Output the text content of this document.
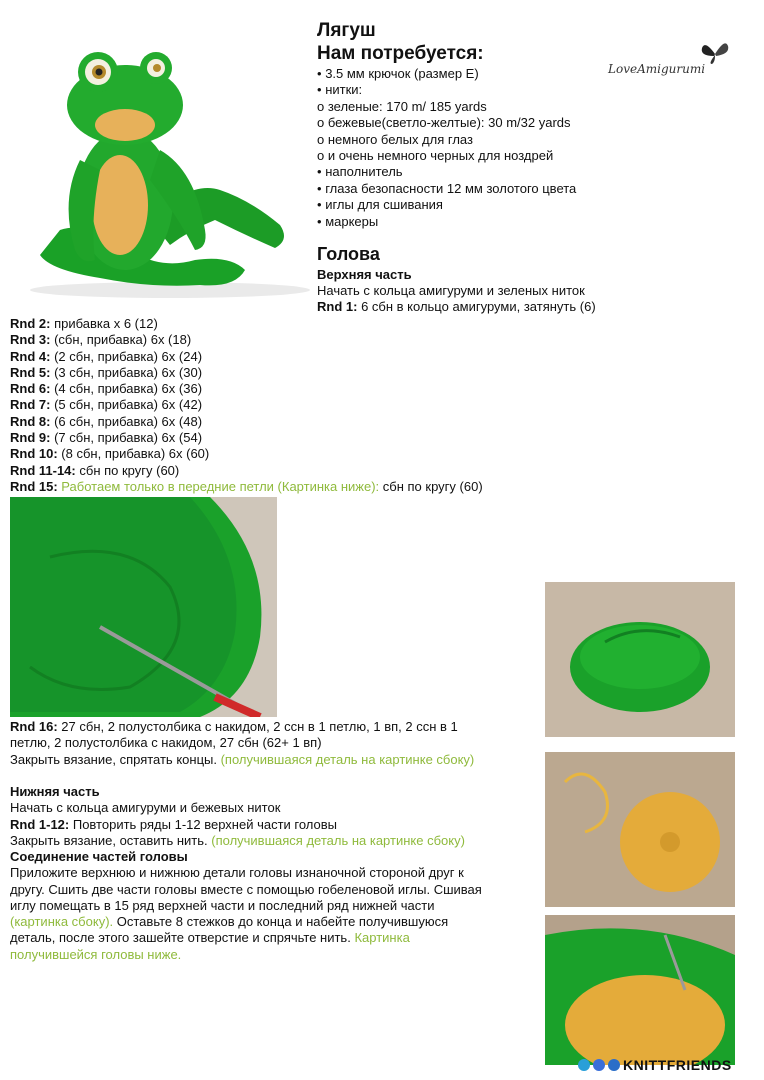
Лягуш
Нам потребуется:
• 3.5 мм крючок (размер E)
• нитки:
o зеленые: 170 m/ 185 yards
o бежевые(светло-желтые): 30 m/32 yards
o немного белых для глаз
o и очень немного черных для ноздрей
• наполнитель
• глаза безопасности 12 мм золотого цвета
• иглы для сшивания
• маркеры
LoveAmigurumi
Голова
Верхняя часть
Начать с кольца амигуруми и зеленых ниток
Rnd 1: 6 сбн в кольцо амигуруми, затянуть (6)
Rnd 2: прибавка х 6 (12)
Rnd 3: (сбн, прибавка) 6х (18)
Rnd 4: (2 сбн, прибавка) 6х (24)
Rnd 5: (3 сбн, прибавка) 6х (30)
Rnd 6: (4 сбн, прибавка) 6х (36)
Rnd 7: (5 сбн, прибавка) 6х (42)
Rnd 8: (6 сбн, прибавка) 6х (48)
Rnd 9: (7 сбн, прибавка) 6х (54)
Rnd 10: (8 сбн, прибавка) 6х (60)
Rnd 11-14: сбн по кругу (60)
Rnd 15: Работаем только в передние петли (Картинка ниже): сбн по кругу (60)
Rnd 16: 27 сбн, 2 полустолбика с накидом, 2 ссн в 1 петлю, 1 вп, 2 ссн в 1
петлю, 2 полустолбика с накидом, 27 сбн (62+ 1 вп)
Закрыть вязание, спрятать концы. (получившаяся деталь на картинке сбоку)
Нижняя часть
Начать с кольца амигуруми и бежевых ниток
Rnd 1-12: Повторить ряды 1-12 верхней части головы
Закрыть вязание, оставить нить. (получившаяся деталь на картинке сбоку)
Соединение частей головы
Приложите верхнюю и нижнюю детали головы изнаночной стороной друг к
другу. Сшить две части головы вместе с помощью гобеленовой иглы. Сшивая
иглу помещать в 15 ряд верхней части и последний ряд нижней части
(картинка сбоку). Оставьте 8 стежков до конца и набейте получившуюся
деталь, после этого зашейте отверстие и спрячьте нить. Картинка
получившейся головы ниже.
KNITTFRIENDS
